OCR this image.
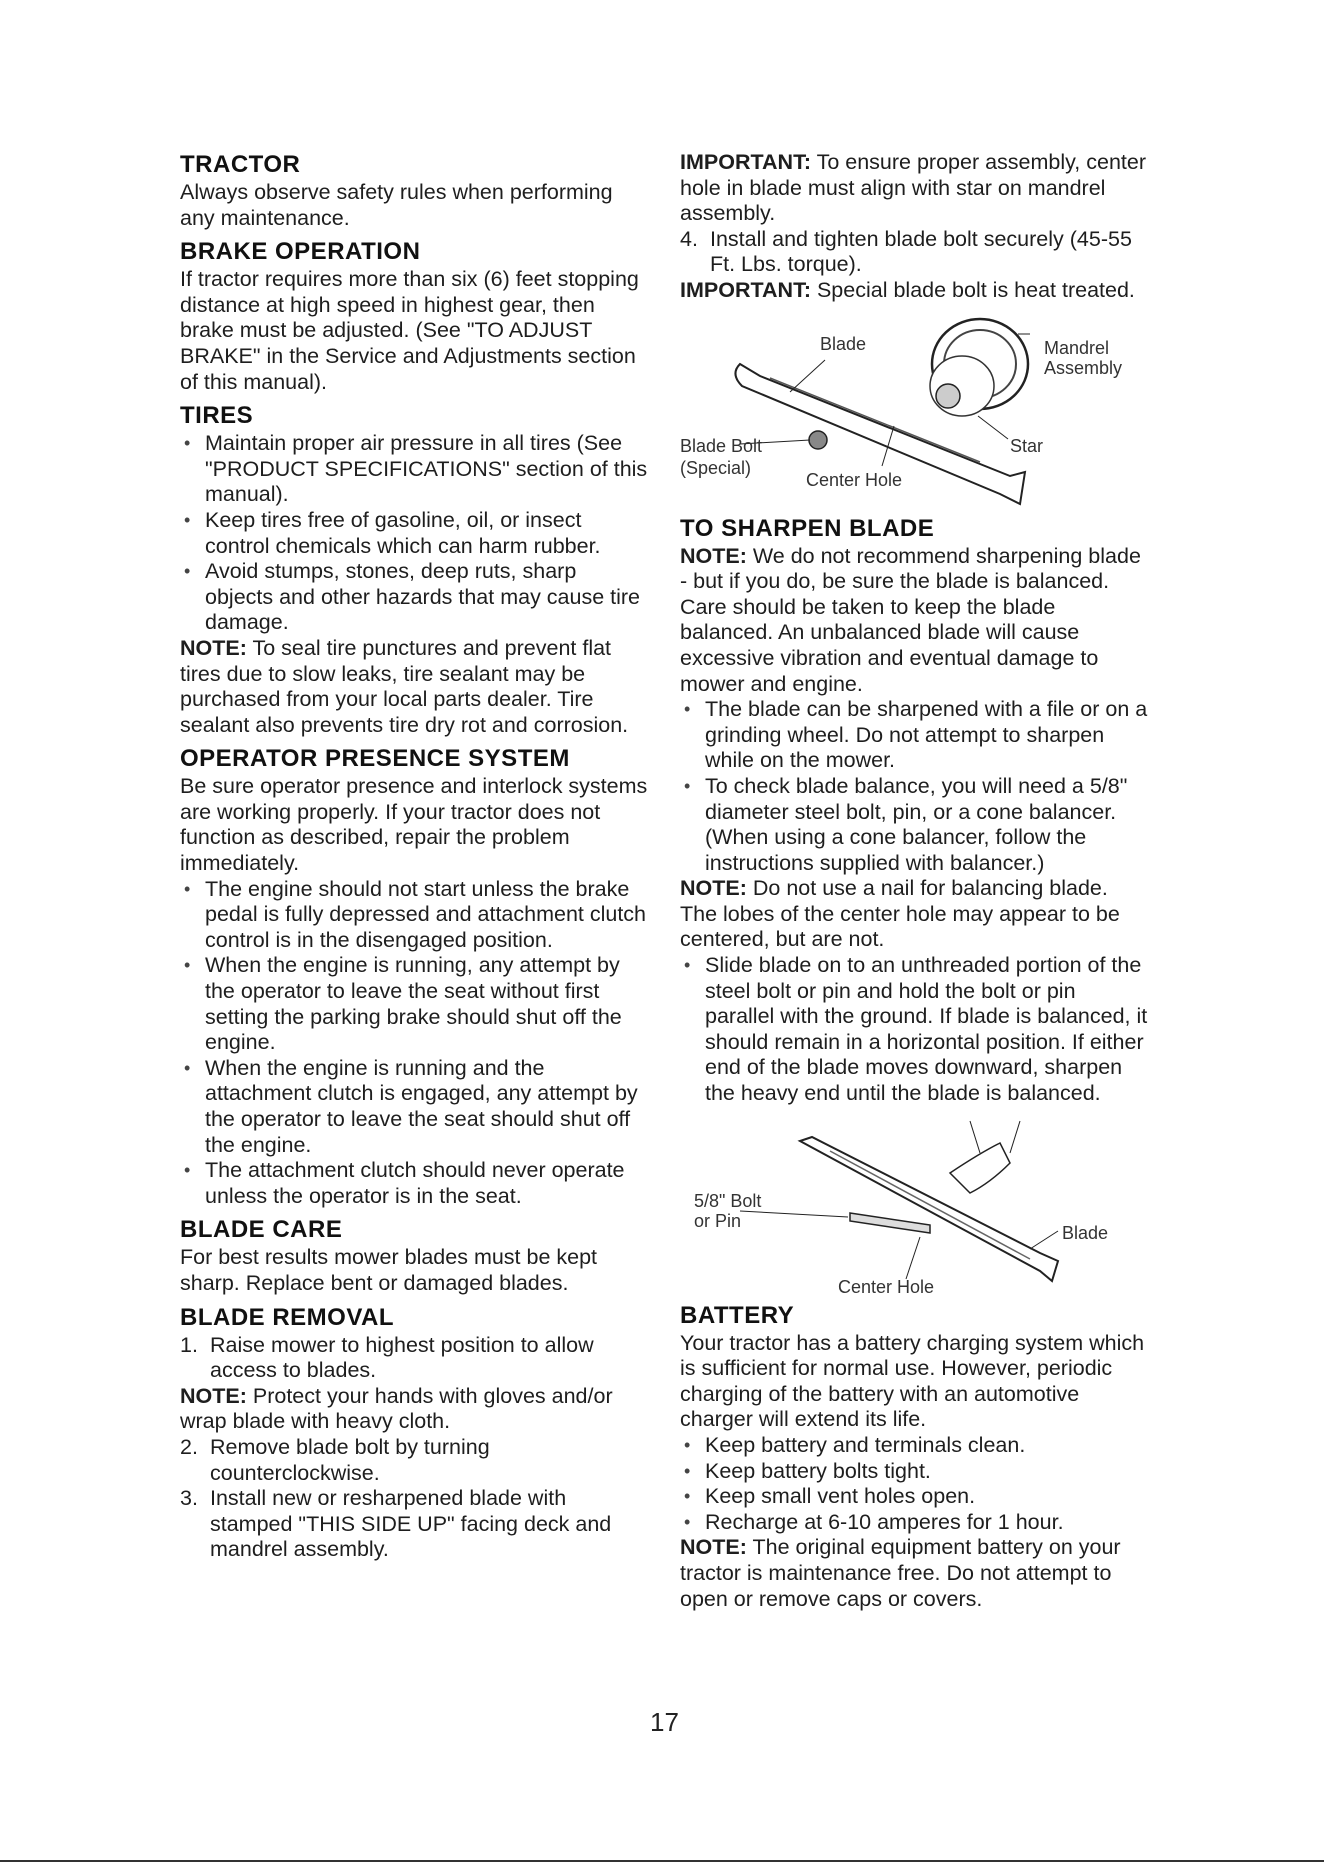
TRACTOR

Always observe safety rules when performing any maintenance.

BRAKE OPERATION

If tractor requires more than six (6) feet stopping distance at high speed in highest gear, then brake must be adjusted. (See "TO ADJUST BRAKE" in the Service and Adjustments section of this manual).

TIRES
• Maintain proper air pressure in all tires (See "PRODUCT SPECIFICATIONS" section of this manual).
• Keep tires free of gasoline, oil, or insect control chemicals which can harm rubber.
• Avoid stumps, stones, deep ruts, sharp objects and other hazards that may cause tire damage.

NOTE: To seal tire punctures and prevent flat tires due to slow leaks, tire sealant may be purchased from your local parts dealer. Tire sealant also prevents tire dry rot and corrosion.

OPERATOR PRESENCE SYSTEM

Be sure operator presence and interlock systems are working properly. If your tractor does not function as described, repair the problem immediately.

• The engine should not start unless the brake pedal is fully depressed and attachment clutch control is in the disengaged position.
• When the engine is running, any attempt by the operator to leave the seat without first setting the parking brake should shut off the engine.
• When the engine is running and the attachment clutch is engaged, any attempt by the operator to leave the seat should shut off the engine.
• The attachment clutch should never operate unless the operator is in the seat.
BLADE CARE

For best results mower blades must be kept sharp. Replace bent or damaged blades.

BLADE REMOVAL
1. Raise mower to highest position to allow access to blades.

NOTE: Protect your hands with gloves and/or wrap blade with heavy cloth.

2. Remove blade bolt by turning counterclockwise.
3. Install new or resharpened blade with stamped "THIS SIDE UP" facing deck and mandrel assembly.

IMPORTANT: To ensure proper assembly, center hole in blade must align with star on mandrel assembly.

4. Install and tighten blade bolt securely (45-55 Ft. Lbs. torque).

IMPORTANT: Special blade bolt is heat treated.

Blade	Mandrel
Assembly
Blade Bolt
(Special)
Star
Center Hole
TO SHARPEN BLADE

NOTE: We do not recommend sharpening blade - but if you do, be sure the blade is balanced.

Care should be taken to keep the blade balanced. An unbalanced blade will cause excessive vibration and eventual damage to mower and engine.

• The blade can be sharpened with a file or on a grinding wheel. Do not attempt to sharpen while on the mower.
• To check blade balance, you will need a 5/8" diameter steel bolt, pin, or a cone balancer. (When using a cone balancer, follow the instructions supplied with balancer.)

NOTE: Do not use a nail for balancing blade. The lobes of the center hole may appear to be centered, but are not.

• Slide blade on to an unthreaded portion of the steel bolt or pin and hold the bolt or pin parallel with the ground. If blade is balanced, it should remain in a horizontal position. If either end of the blade moves downward, sharpen the heavy end until the blade is balanced.
5/8" Bolt
or Pin
Blade
Center Hole
BATTERY

Your tractor has a battery charging system which is sufficient for normal use. However, periodic charging of the battery with an automotive charger will extend its life.

• Keep battery and terminals clean.
• Keep battery bolts tight.
• Keep small vent holes open.
• Recharge at 6-10 amperes for 1 hour.

NOTE: The original equipment battery on your tractor is maintenance free. Do not attempt to open or remove caps or covers.

17
